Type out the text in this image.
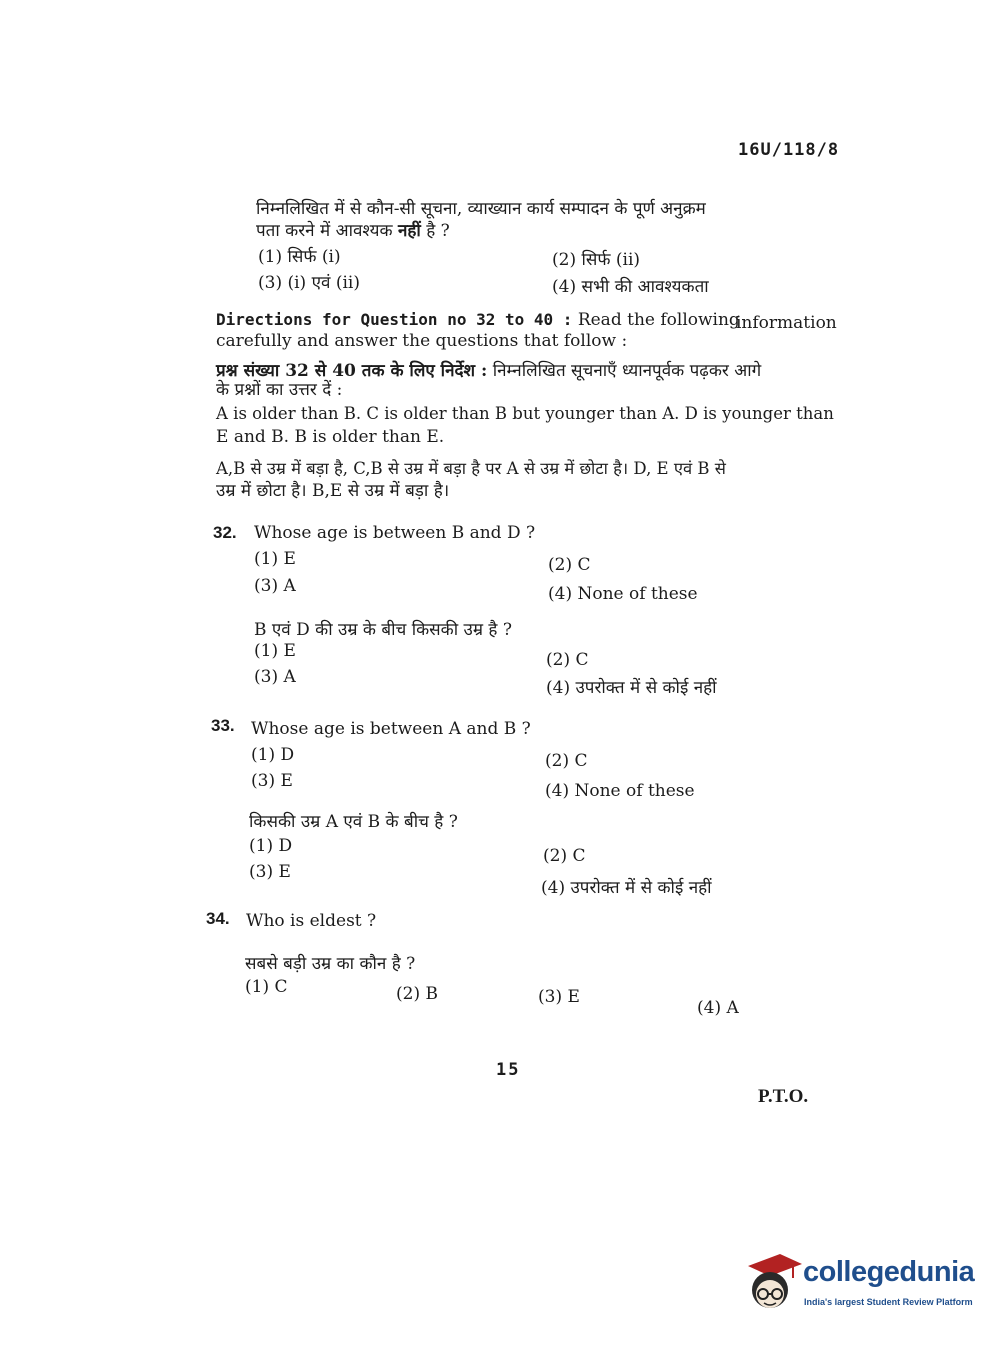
16U/118/8
निम्नलिखित में से कौन-सी सूचना, व्याख्यान कार्य सम्पादन के पूर्ण अनुक्रम
पता करने में आवश्यक नहीं है ?
(1) सिर्फ (i)	(2) सिर्फ (ii)
(3) (i) एवं (ii)	(4) सभी की आवश्यकता
Directions for Question no 32 to 40 : Read the following
information
carefully and answer the questions that follow :
प्रश्न संख्या 32 से 40 तक के लिए निर्देश : निम्नलिखित सूचनाएँ ध्यानपूर्वक पढ़कर आगे
के प्रश्नों का उत्तर दें :
A is older than B. C is older than B but younger than A. D is younger than
E and B. B is older than E.
A,B से उम्र में बड़ा है, C,B से उम्र में बड़ा है पर A से उम्र में छोटा है। D, E एवं B से
उम्र में छोटा है। B,E से उम्र में बड़ा है।
32. Whose age is between B and D ?
(1) E	(2) C
(3) A	(4) None of these
B एवं D की उम्र के बीच किसकी उम्र है ?
(1) E	(2) C
(3) A
(4) उपरोक्त में से कोई नहीं
33. Whose age is between A and B ?
(1) D	(2) C
(3) E	(4) None of these
किसकी उम्र A एवं B के बीच है ?
(1) D	(2) C
(3) E
(4) उपरोक्त में से कोई नहीं
34. Who is eldest ?
सबसे बड़ी उम्र का कौन है ?
(1) C	(2) B	(3) E
(4) A
15
P.T.O.
collegedunia
India's largest Student Review Platform
